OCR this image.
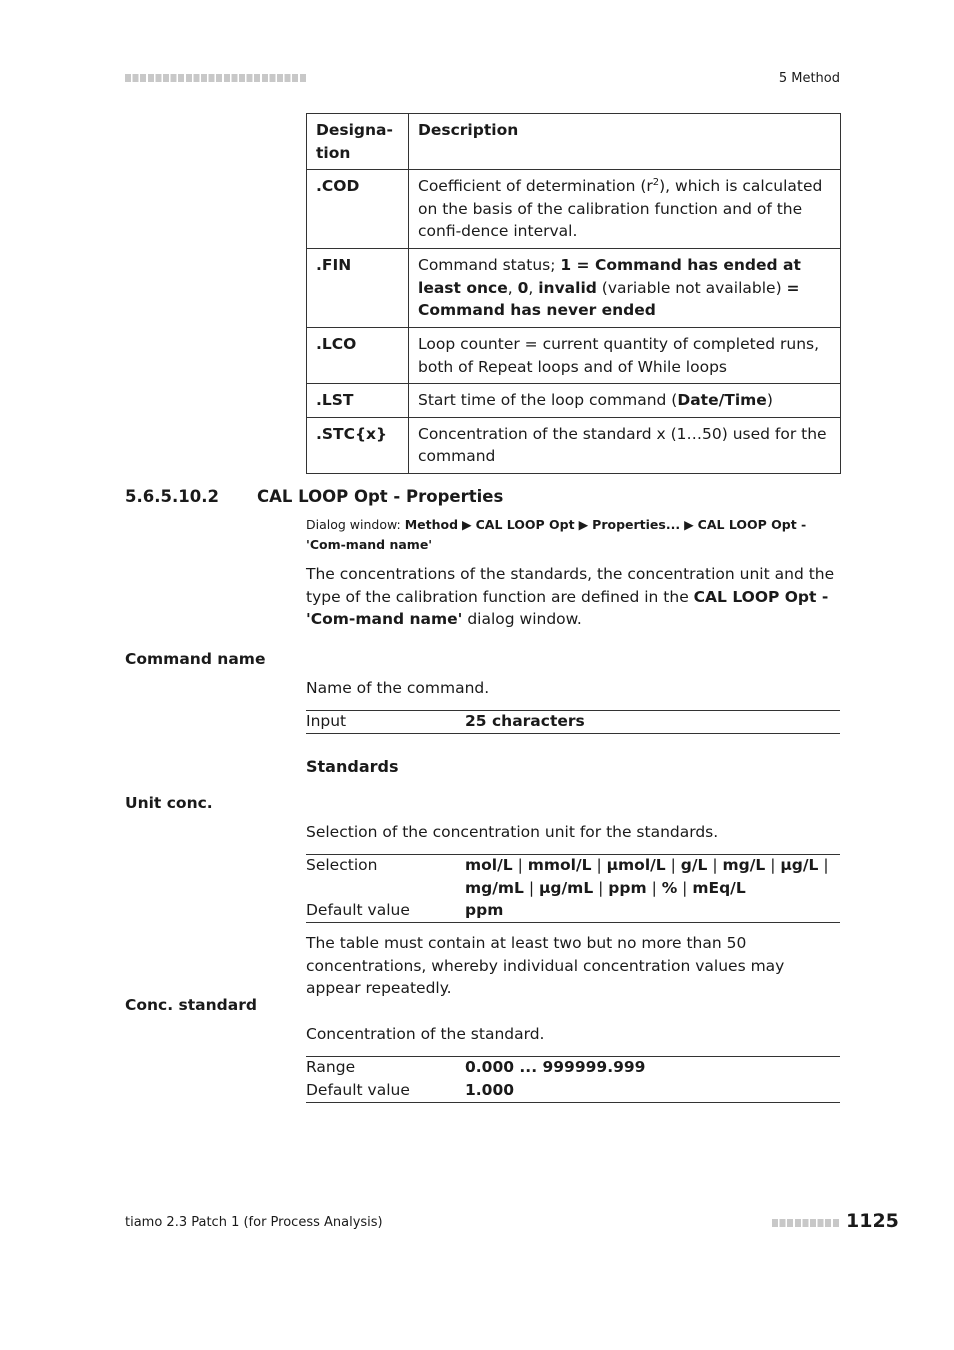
5 Method
Designa-
tion	Description
.COD	Coefficient of determination $(r^2)$, which is calculated on the basis of the calibration function and of the confi-dence interval.
.FIN	Command status; 1 = Command has ended at least once, 0, invalid (variable not available) = Command has never ended
.LCO	Loop counter = current quantity of completed runs, both of Repeat loops and of While loops
.LST	Start time of the loop command (Date/Time)
.STC{x}	Concentration of the standard x (1…50) used for the command
5.6.5.10.2 CAL LOOP Opt - Properties
Dialog window: Method ▶ CAL LOOP Opt ▶ Properties... ▶ CAL LOOP Opt - 'Com-mand name'
The concentrations of the standards, the concentration unit and the type of the calibration function are defined in the CAL LOOP Opt - 'Com-mand name' dialog window.
Command name
Name of the command.
Input	25 characters
Standards
Unit conc.
Selection of the concentration unit for the standards.
Selection	mol/L | mmol/L | µmol/L | g/L | mg/L | µg/L |
mg/mL | µg/mL | ppm | % | mEq/L
Default value	ppm
The table must contain at least two but no more than 50 concentrations, whereby individual concentration values may appear repeatedly.
Conc. standard
Concentration of the standard.
Range	0.000 ... 999999.999
Default value	1.000
tiamo 2.3 Patch 1 (for Process Analysis)	1125
